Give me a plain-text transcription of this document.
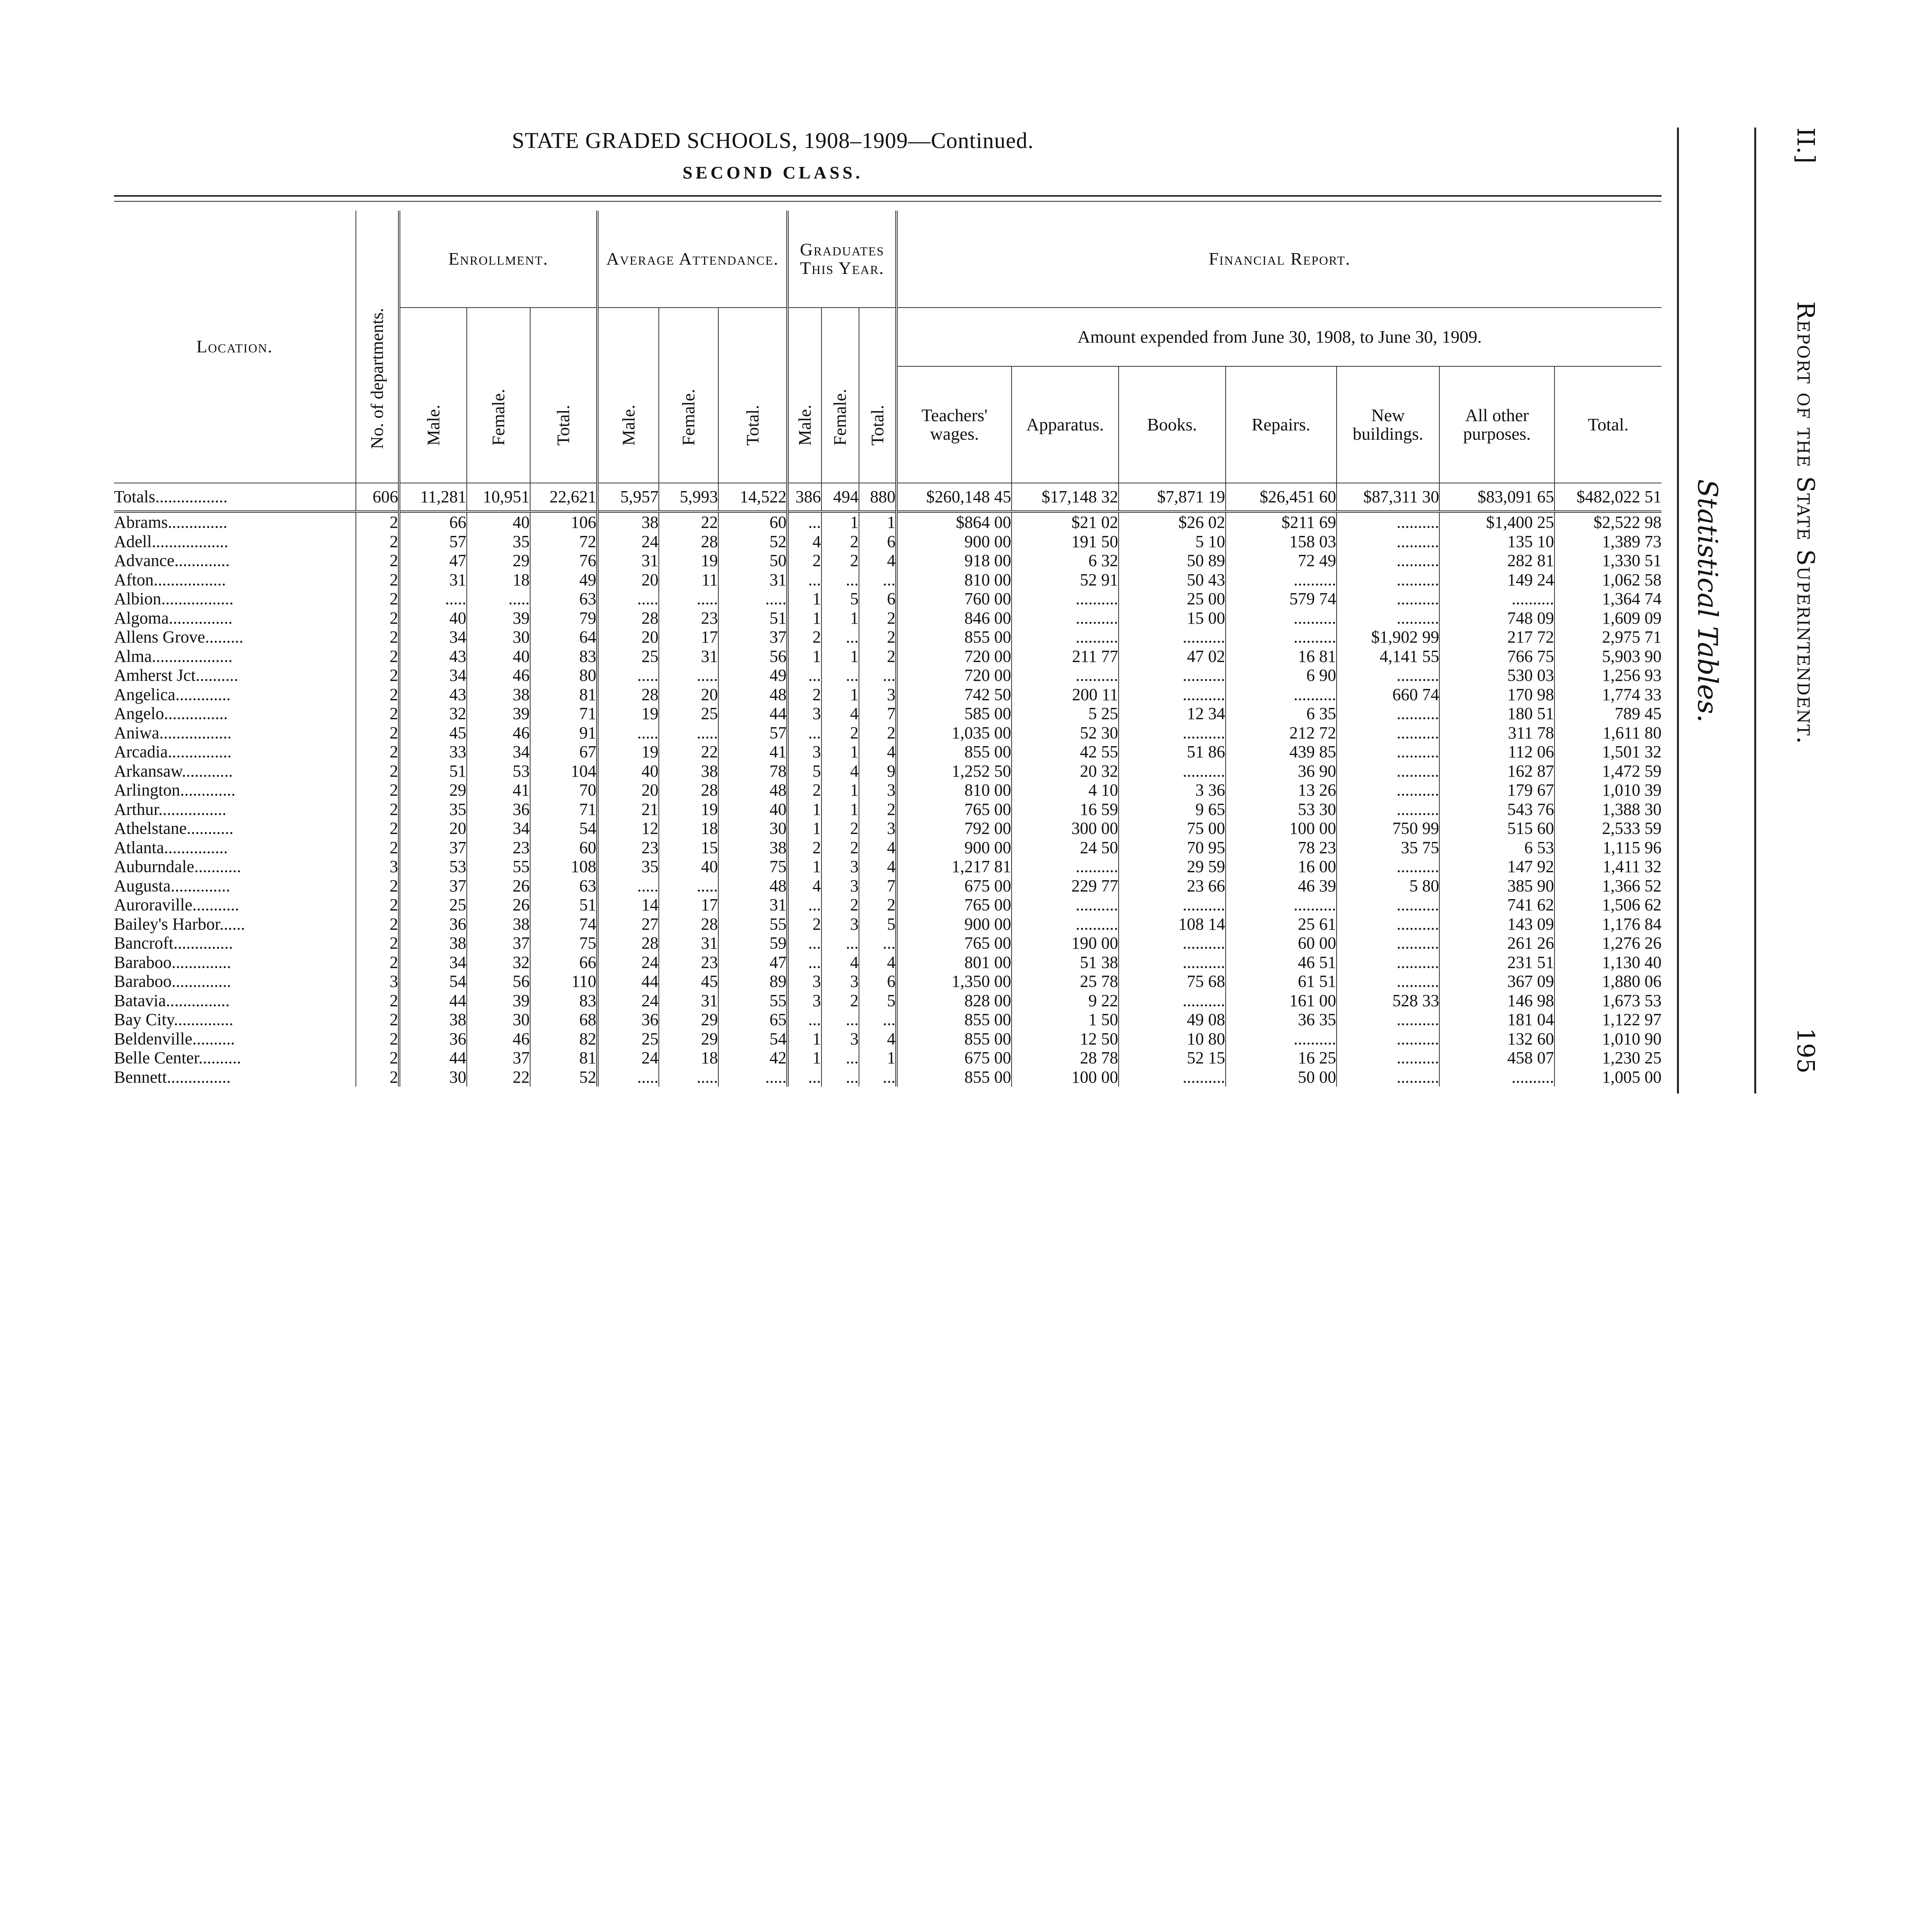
STATE GRADED SCHOOLS, 1908–1909—Continued.
SECOND CLASS.
Location.	No. of departments.	Enrollment.			Average Attendance.			Graduates This Year.			Financial Report.						

		Male.	Female.	Total.	Male.	Female.	Total.	Male.	Female.	Total.	Amount expended from June 30, 1908, to June 30, 1909.						
											Teachers' wages.	Apparatus.	Books.	Repairs.	New buildings.	All other purposes.	Total.
Totals.................	606	11,281	10,951	22,621	5,957	5,993	14,522	386	494	880	$260,148 45	$17,148 32	$7,871 19	$26,451 60	$87,311 30	$83,091 65	$482,022 51
Abrams..............	2	66	40	106	38	22	60	...	1	1	$864 00	$21 02	$26 02	$211 69	..........	$1,400 25	$2,522 98
Adell..................	2	57	35	72	24	28	52	4	2	6	900 00	191 50	5 10	158 03	..........	135 10	1,389 73
Advance.............	2	47	29	76	31	19	50	2	2	4	918 00	6 32	50 89	72 49	..........	282 81	1,330 51
Afton.................	2	31	18	49	20	11	31	...	...	...	810 00	52 91	50 43	..........	..........	149 24	1,062 58
Albion.................	2	.....	.....	63	.....	.....	.....	1	5	6	760 00	..........	25 00	579 74	..........	..........	1,364 74
Algoma...............	2	40	39	79	28	23	51	1	1	2	846 00	..........	15 00	..........	..........	748 09	1,609 09
Allens Grove.........	2	34	30	64	20	17	37	2	...	2	855 00	..........	..........	..........	$1,902 99	217 72	2,975 71
Alma...................	2	43	40	83	25	31	56	1	1	2	720 00	211 77	47 02	16 81	4,141 55	766 75	5,903 90
Amherst Jct..........	2	34	46	80	.....	.....	49	...	...	...	720 00	..........	..........	6 90	..........	530 03	1,256 93
Angelica.............	2	43	38	81	28	20	48	2	1	3	742 50	200 11	..........	..........	660 74	170 98	1,774 33
Angelo...............	2	32	39	71	19	25	44	3	4	7	585 00	5 25	12 34	6 35	..........	180 51	789 45
Aniwa.................	2	45	46	91	.....	.....	57	...	2	2	1,035 00	52 30	..........	212 72	..........	311 78	1,611 80
Arcadia...............	2	33	34	67	19	22	41	3	1	4	855 00	42 55	51 86	439 85	..........	112 06	1,501 32
Arkansaw............	2	51	53	104	40	38	78	5	4	9	1,252 50	20 32	..........	36 90	..........	162 87	1,472 59
Arlington.............	2	29	41	70	20	28	48	2	1	3	810 00	4 10	3 36	13 26	..........	179 67	1,010 39
Arthur................	2	35	36	71	21	19	40	1	1	2	765 00	16 59	9 65	53 30	..........	543 76	1,388 30
Athelstane...........	2	20	34	54	12	18	30	1	2	3	792 00	300 00	75 00	100 00	750 99	515 60	2,533 59
Atlanta...............	2	37	23	60	23	15	38	2	2	4	900 00	24 50	70 95	78 23	35 75	6 53	1,115 96
Auburndale...........	3	53	55	108	35	40	75	1	3	4	1,217 81	..........	29 59	16 00	..........	147 92	1,411 32
Augusta..............	2	37	26	63	.....	.....	48	4	3	7	675 00	229 77	23 66	46 39	5 80	385 90	1,366 52
Auroraville...........	2	25	26	51	14	17	31	...	2	2	765 00	..........	..........	..........	..........	741 62	1,506 62
Bailey's Harbor......	2	36	38	74	27	28	55	2	3	5	900 00	..........	108 14	25 61	..........	143 09	1,176 84
Bancroft..............	2	38	37	75	28	31	59	...	...	...	765 00	190 00	..........	60 00	..........	261 26	1,276 26
Baraboo..............	2	34	32	66	24	23	47	...	4	4	801 00	51 38	..........	46 51	..........	231 51	1,130 40
Baraboo..............	3	54	56	110	44	45	89	3	3	6	1,350 00	25 78	75 68	61 51	..........	367 09	1,880 06
Batavia...............	2	44	39	83	24	31	55	3	2	5	828 00	9 22	..........	161 00	528 33	146 98	1,673 53
Bay City..............	2	38	30	68	36	29	65	...	...	...	855 00	1 50	49 08	36 35	..........	181 04	1,122 97
Beldenville..........	2	36	46	82	25	29	54	1	3	4	855 00	12 50	10 80	..........	..........	132 60	1,010 90
Belle Center..........	2	44	37	81	24	18	42	1	...	1	675 00	28 78	52 15	16 25	..........	458 07	1,230 25
Bennett...............	2	30	22	52	.....	.....	.....	...	...	...	855 00	100 00	..........	50 00	..........	..........	1,005 00
Statistical Tables.
II.]
Report of the State Superintendent.
195
